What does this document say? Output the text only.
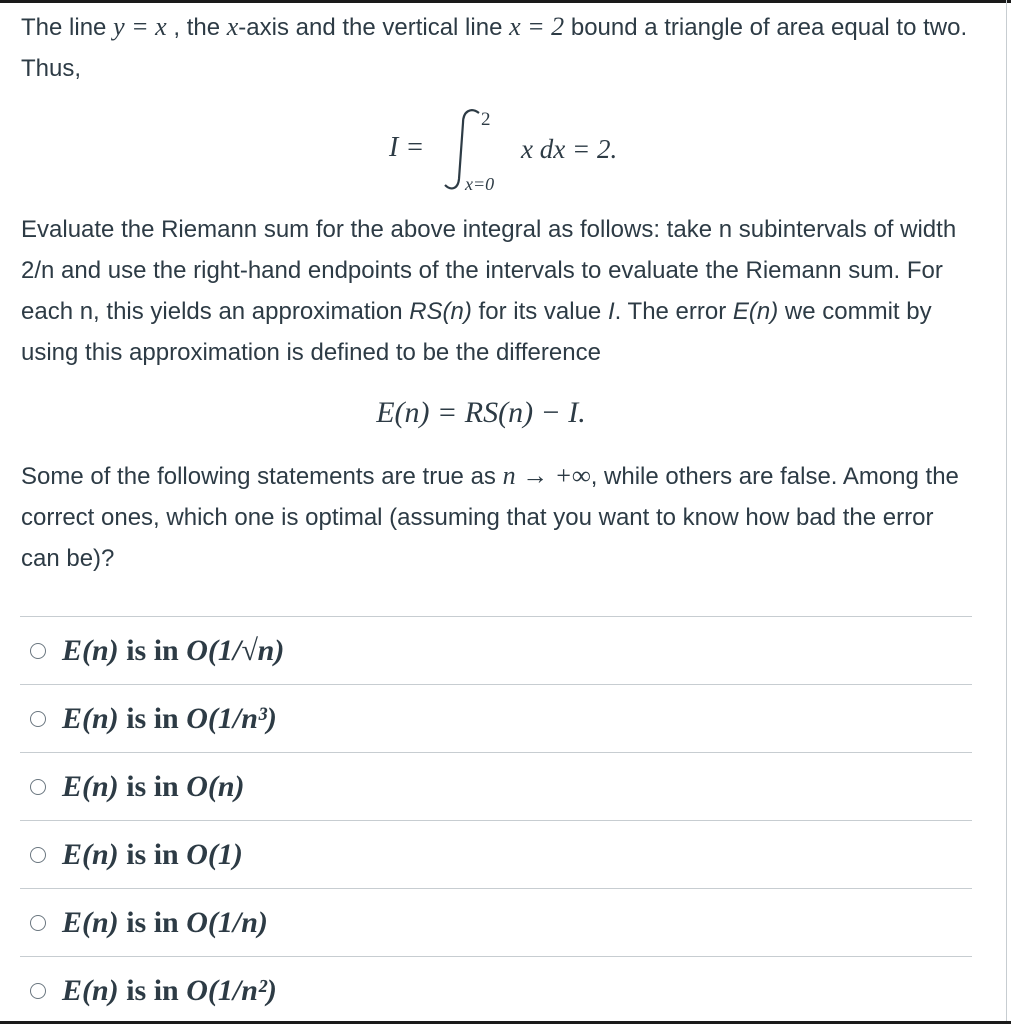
The line y = x , the x-axis and the vertical line x = 2 bound a triangle of area equal to two. Thus,

I =
2
x=0
x dx = 2.

Evaluate the Riemann sum for the above integral as follows: take n subintervals of width 2/n and use the right-hand endpoints of the intervals to evaluate the Riemann sum. For each n, this yields an approximation RS(n) for its value I. The error E(n) we commit by using this approximation is defined to be the difference

E(n) = RS(n) − I.

Some of the following statements are true as n → +∞, while others are false. Among the correct ones, which one is optimal (assuming that you want to know how bad the error can be)?

E(n) is in O(1/√n)
E(n) is in O(1/n³)
E(n) is in O(n)
E(n) is in O(1)
E(n) is in O(1/n)
E(n) is in O(1/n²)
